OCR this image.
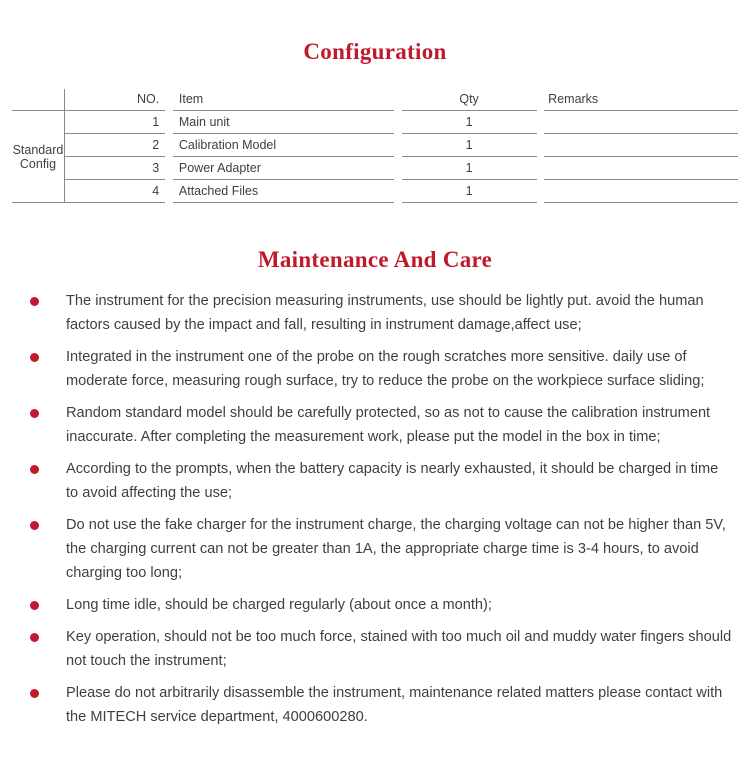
Configuration
	NO.		Item		Qty		Remarks

Standard
Config	1		Main unit		1		
	2		Calibration Model		1		
	3		Power Adapter		1		
	4		Attached Files		1		
Maintenance And Care
The instrument for the precision measuring instruments, use should be lightly put. avoid the human factors caused by the impact and fall, resulting in instrument damage,affect use;
Integrated in the instrument one of the probe on the rough scratches more sensitive. daily use of moderate force, measuring rough surface, try to reduce the probe on the workpiece surface sliding;
Random standard model should be carefully protected, so as not to cause the calibration instrument inaccurate. After completing the measurement work, please put the model in the box in time;
According to the prompts, when the battery capacity is nearly exhausted, it should be charged in time to avoid affecting the use;
Do not use the fake charger for the instrument charge, the charging voltage can not be higher than 5V, the charging current can not be greater than 1A, the appropriate charge time is 3-4 hours, to avoid charging too long;
Long time idle, should be charged regularly (about once a month);
Key operation, should not be too much force, stained with too much oil and muddy water fingers should not touch the instrument;
Please do not arbitrarily disassemble the instrument, maintenance related matters please contact with the MITECH service department, 4000600280.
